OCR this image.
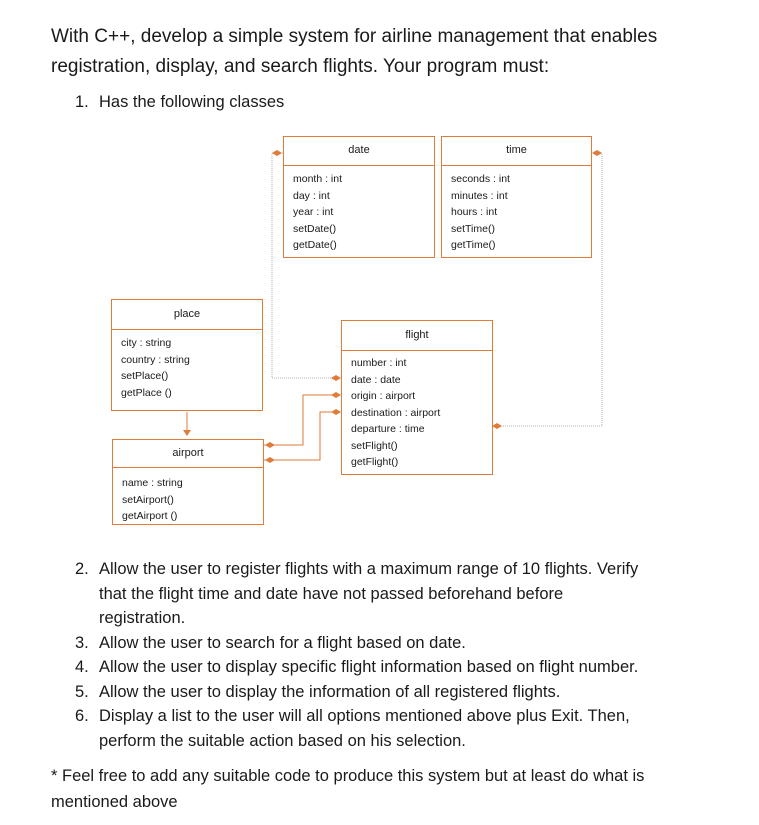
With C++, develop a simple system for airline management that enables
registration, display, and search flights. Your program must:
1. Has the following classes
date
month : int
day : int
year : int
setDate()
getDate()
time
seconds : int
minutes : int
hours : int
setTime()
getTime()
place
city : string
country : string
setPlace()
getPlace ()
flight
number : int
date : date
origin : airport
destination : airport
departure : time
setFlight()
getFlight()
airport
name : string
setAirport()
getAirport ()
2. Allow the user to register flights with a maximum range of 10 flights. Verify
that the flight time and date have not passed beforehand before
registration.
3. Allow the user to search for a flight based on date.
4. Allow the user to display specific flight information based on flight number.
5. Allow the user to display the information of all registered flights.
6. Display a list to the user will all options mentioned above plus Exit. Then,
perform the suitable action based on his selection.
* Feel free to add any suitable code to produce this system but at least do what is
mentioned above
